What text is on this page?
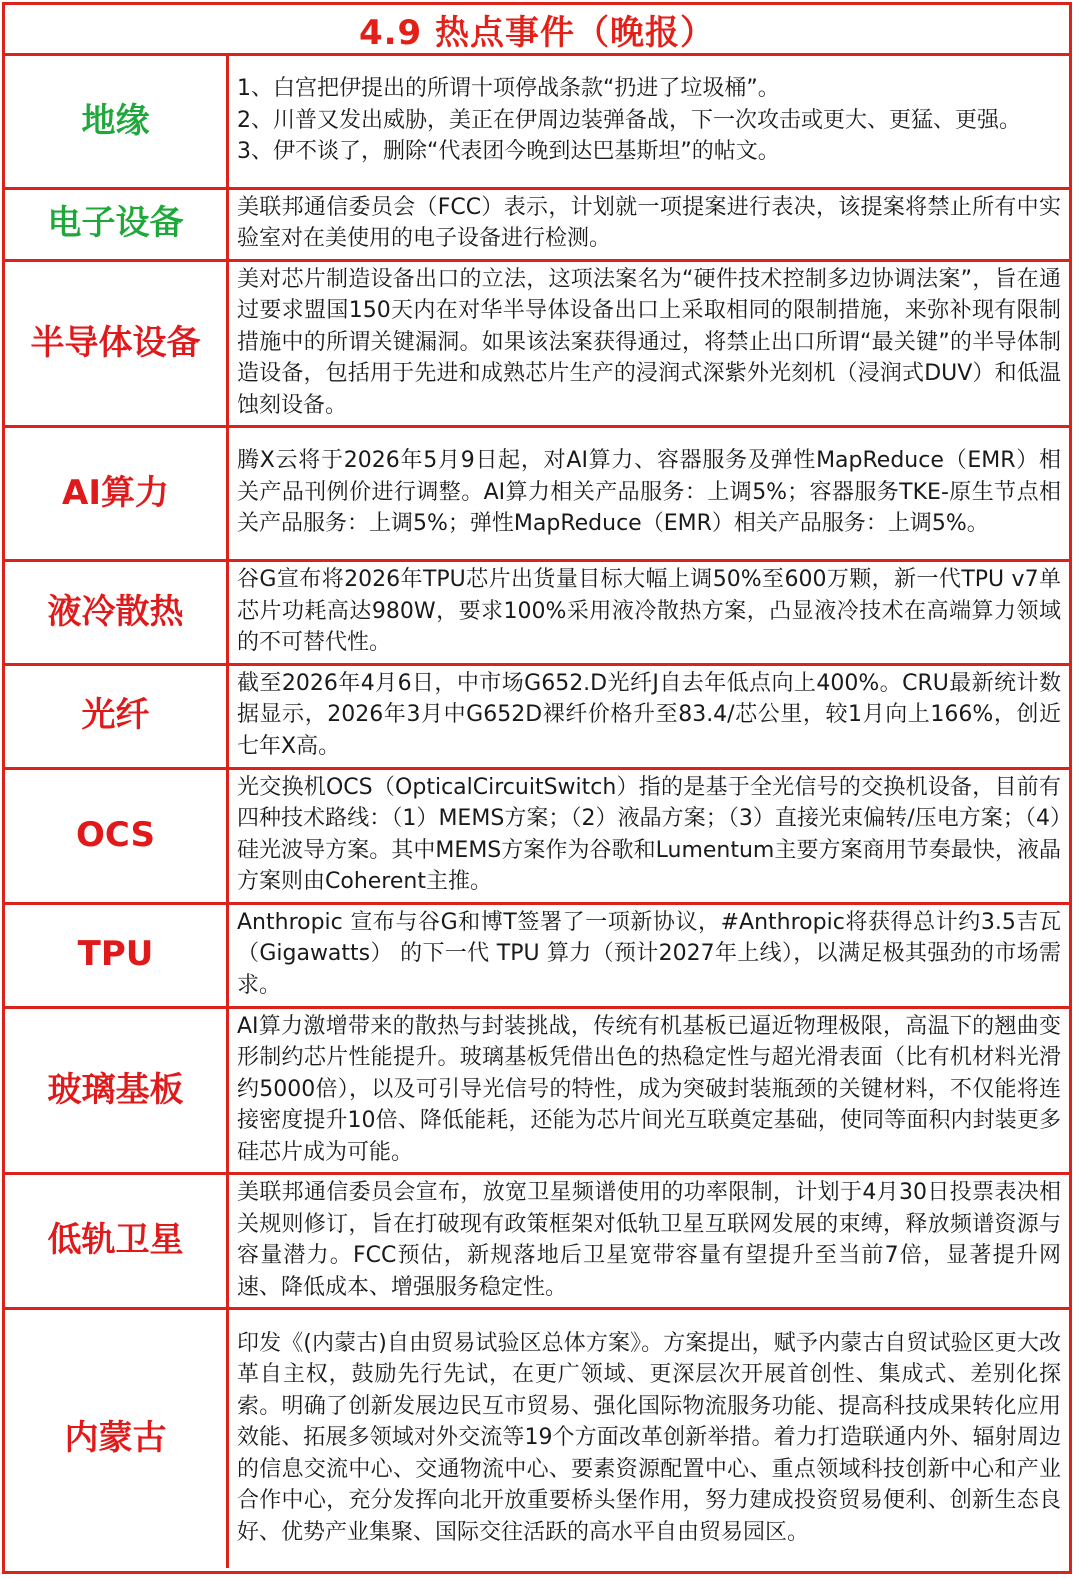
4.9 热点事件（晚报）
地缘	1、白宫把伊提出的所谓十项停战条款“扔进了垃圾桶”。
2、川普又发出威胁，美正在伊周边装弹备战，下一次攻击或更大、更猛、更强。
3、伊不谈了，删除“代表团今晚到达巴基斯坦”的帖文。

电子设备	美联邦通信委员会（FCC）表示，计划就一项提案进行表决，该提案将禁止所有中实验室对在美使用的电子设备进行检测。

半导体设备	美对芯片制造设备出口的立法，这项法案名为“硬件技术控制多边协调法案”，旨在通过要求盟国150天内在对华半导体设备出口上采取相同的限制措施，来弥补现有限制措施中的所谓关键漏洞。如果该法案获得通过，将禁止出口所谓“最关键”的半导体制造设备，包括用于先进和成熟芯片生产的浸润式深紫外光刻机（浸润式DUV）和低温蚀刻设备。

AI算力	腾X云将于2026年5月9日起，对AI算力、容器服务及弹性MapReduce（EMR）相关产品刊例价进行调整。AI算力相关产品服务：上调5%；容器服务TKE-原生节点相关产品服务：上调5%；弹性MapReduce（EMR）相关产品服务：上调5%。

液冷散热	谷G宣布将2026年TPU芯片出货量目标大幅上调50%至600万颗，新一代TPU v7单芯片功耗高达980W，要求100%采用液冷散热方案，凸显液冷技术在高端算力领域的不可替代性。

光纤	截至2026年4月6日，中市场G652.D光纤J自去年低点向上400%。CRU最新统计数据显示，2026年3月中G652D裸纤价格升至83.4/芯公里，较1月向上166%，创近七年X高。

OCS	光交换机OCS（OpticalCircuitSwitch）指的是基于全光信号的交换机设备，目前有四种技术路线：（1）MEMS方案；（2）液晶方案；（3）直接光束偏转/压电方案；（4）硅光波导方案。其中MEMS方案作为谷歌和Lumentum主要方案商用节奏最快，液晶方案则由Coherent主推。

TPU	Anthropic 宣布与谷G和博T签署了一项新协议，#Anthropic将获得总计约3.5吉瓦（Gigawatts） 的下一代 TPU 算力（预计2027年上线），以满足极其强劲的市场需求。

玻璃基板	AI算力激增带来的散热与封装挑战，传统有机基板已逼近物理极限，高温下的翘曲变形制约芯片性能提升。玻璃基板凭借出色的热稳定性与超光滑表面（比有机材料光滑约5000倍），以及可引导光信号的特性，成为突破封装瓶颈的关键材料，不仅能将连接密度提升10倍、降低能耗，还能为芯片间光互联奠定基础，使同等面积内封装更多硅芯片成为可能。

低轨卫星	美联邦通信委员会宣布，放宽卫星频谱使用的功率限制，计划于4月30日投票表决相关规则修订，旨在打破现有政策框架对低轨卫星互联网发展的束缚，释放频谱资源与容量潜力。FCC预估，新规落地后卫星宽带容量有望提升至当前7倍，显著提升网速、降低成本、增强服务稳定性。

内蒙古	印发《(内蒙古)自由贸易试验区总体方案》。方案提出，赋予内蒙古自贸试验区更大改革自主权，鼓励先行先试，在更广领域、更深层次开展首创性、集成式、差别化探索。明确了创新发展边民互市贸易、强化国际物流服务功能、提高科技成果转化应用效能、拓展多领域对外交流等19个方面改革创新举措。着力打造联通内外、辐射周边的信息交流中心、交通物流中心、要素资源配置中心、重点领域科技创新中心和产业合作中心，充分发挥向北开放重要桥头堡作用，努力建成投资贸易便利、创新生态良好、优势产业集聚、国际交往活跃的高水平自由贸易园区。
